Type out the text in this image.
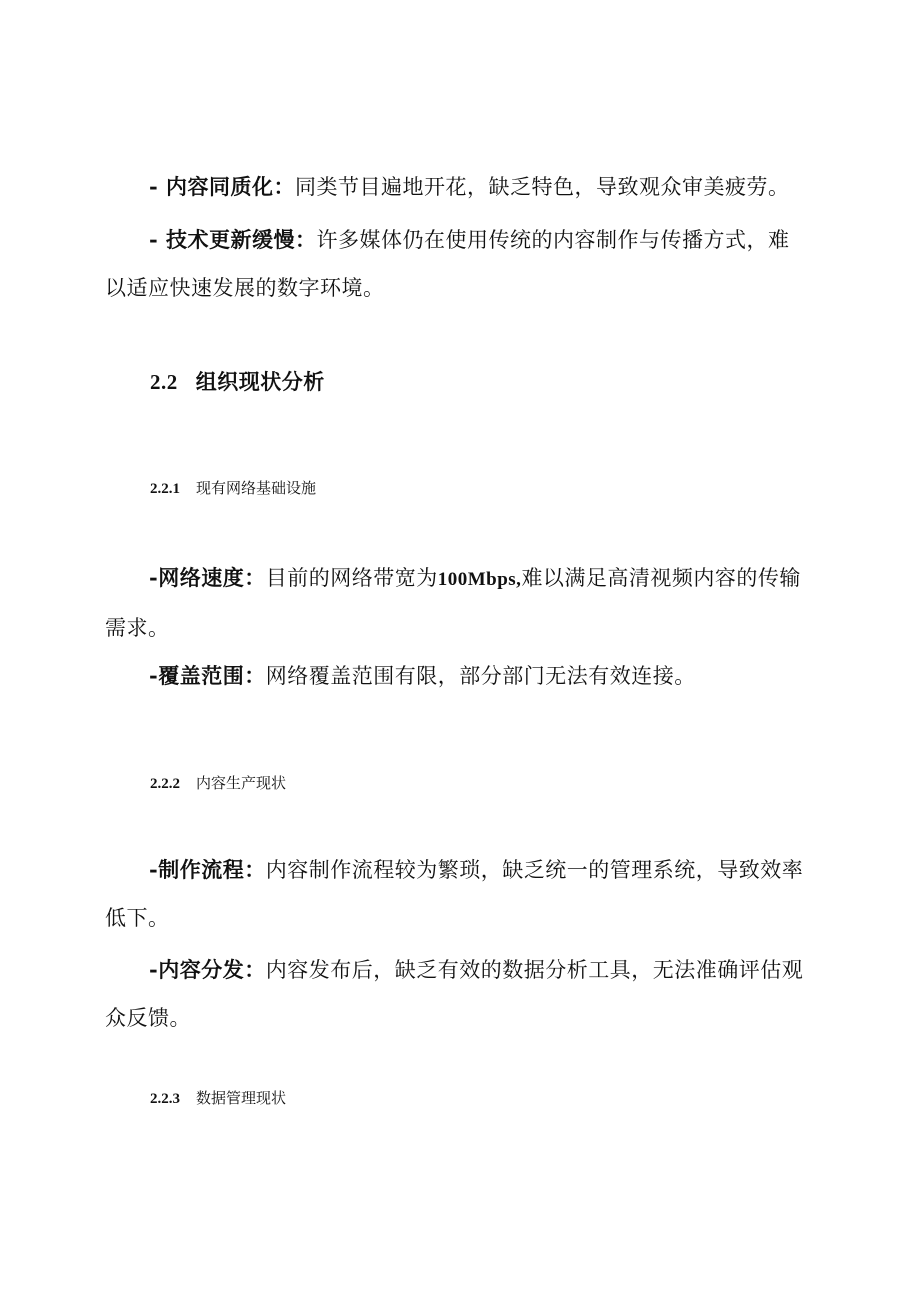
- 内容同质化：同类节目遍地开花，缺乏特色，导致观众审美疲劳。

- 技术更新缓慢：许多媒体仍在使用传统的内容制作与传播方式，难以适应快速发展的数字环境。

2.2 组织现状分析
2.2.1 现有网络基础设施

-网络速度：目前的网络带宽为100Mbps,难以满足高清视频内容的传输需求。

-覆盖范围：网络覆盖范围有限，部分部门无法有效连接。

2.2.2 内容生产现状

-制作流程：内容制作流程较为繁琐，缺乏统一的管理系统，导致效率低下。

-内容分发：内容发布后，缺乏有效的数据分析工具，无法准确评估观众反馈。

2.2.3 数据管理现状
